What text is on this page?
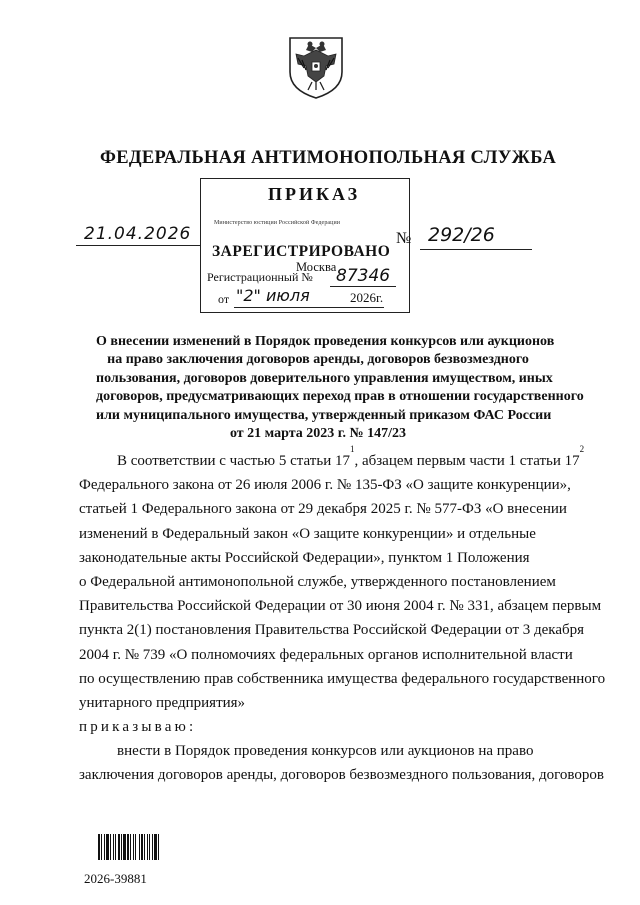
ФЕДЕРАЛЬНАЯ АНТИМОНОПОЛЬНАЯ СЛУЖБА
ПРИКАЗ
Министерство юстиции Российской Федерации
ЗАРЕГИСТРИРОВАНО
Регистрационный №
Москва 87346
от "2" июля	2026г.
21.04.2026	№ 292/26
О внесении изменений в Порядок проведения конкурсов или аукционов
на право заключения договоров аренды, договоров безвозмездного
пользования, договоров доверительного управления имуществом, иных
договоров, предусматривающих переход прав в отношении государственного
или муниципального имущества, утвержденный приказом ФАС России
от 21 марта 2023 г. № 147/23
В соответствии с частью 5 статьи 17
1
, абзацем первым части 1 статьи 17
2
Федерального закона от 26 июля 2006 г. № 135-ФЗ «О защите конкуренции»,
статьей 1 Федерального закона от 29 декабря 2025 г. № 577-ФЗ «О внесении
изменений в Федеральный закон «О защите конкуренции» и отдельные
законодательные акты Российской Федерации», пунктом 1 Положения
о Федеральной антимонопольной службе, утвержденного постановлением
Правительства Российской Федерации от 30 июня 2004 г. № 331, абзацем первым
пункта 2(1) постановления Правительства Российской Федерации от 3 декабря
2004 г. № 739 «О полномочиях федеральных органов исполнительной власти
по осуществлению прав собственника имущества федерального государственного
унитарного предприятия»
приказываю:
внести в Порядок проведения конкурсов или аукционов на право
заключения договоров аренды, договоров безвозмездного пользования, договоров
2026-39881
